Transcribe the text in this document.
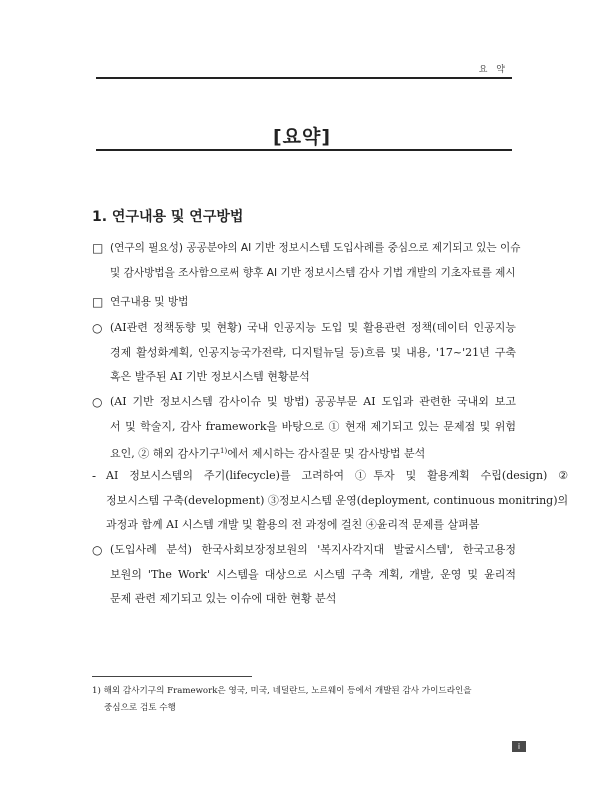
요 약
[요약]
1. 연구내용 및 연구방법
□ (연구의 필요성) 공공분야의 AI 기반 정보시스템 도입사례를 중심으로 제기되고 있는 이슈
및 감사방법을 조사함으로써 향후 AI 기반 정보시스템 감사 기법 개발의 기초자료를 제시
□ 연구내용 및 방법
○ (AI관련 정책동향 및 현황) 국내 인공지능 도입 및 활용관련 정책(데이터 인공지능
경제 활성화계획, 인공지능국가전략, 디지털뉴딜 등)흐름 및 내용, '17~'21년 구축
혹은 발주된 AI 기반 정보시스템 현황분석
○ (AI 기반 정보시스템 감사이슈 및 방법) 공공부문 AI 도입과 관련한 국내외 보고
서 및 학술지, 감사 framework을 바탕으로 ① 현재 제기되고 있는 문제점 및 위험
요인, ② 해외 감사기구$^{1)}$에서 제시하는 감사질문 및 감사방법 분석
- AI 정보시스템의 주기(lifecycle)를 고려하여 ①투자 및 활용계획 수립(design) ②
정보시스템 구축(development) ③정보시스템 운영(deployment, continuous monitring)의
과정과 함께 AI 시스템 개발 및 활용의 전 과정에 걸친 ④윤리적 문제를 살펴봄
○ (도입사례 분석) 한국사회보장정보원의 '복지사각지대 발굴시스템', 한국고용정
보원의 'The Work' 시스템을 대상으로 시스템 구축 계획, 개발, 운영 및 윤리적
문제 관련 제기되고 있는 이슈에 대한 현황 분석
1) 해외 감사기구의 Framework은 영국, 미국, 네덜란드, 노르웨이 등에서 개발된 감사 가이드라인을
중심으로 검토 수행
i
